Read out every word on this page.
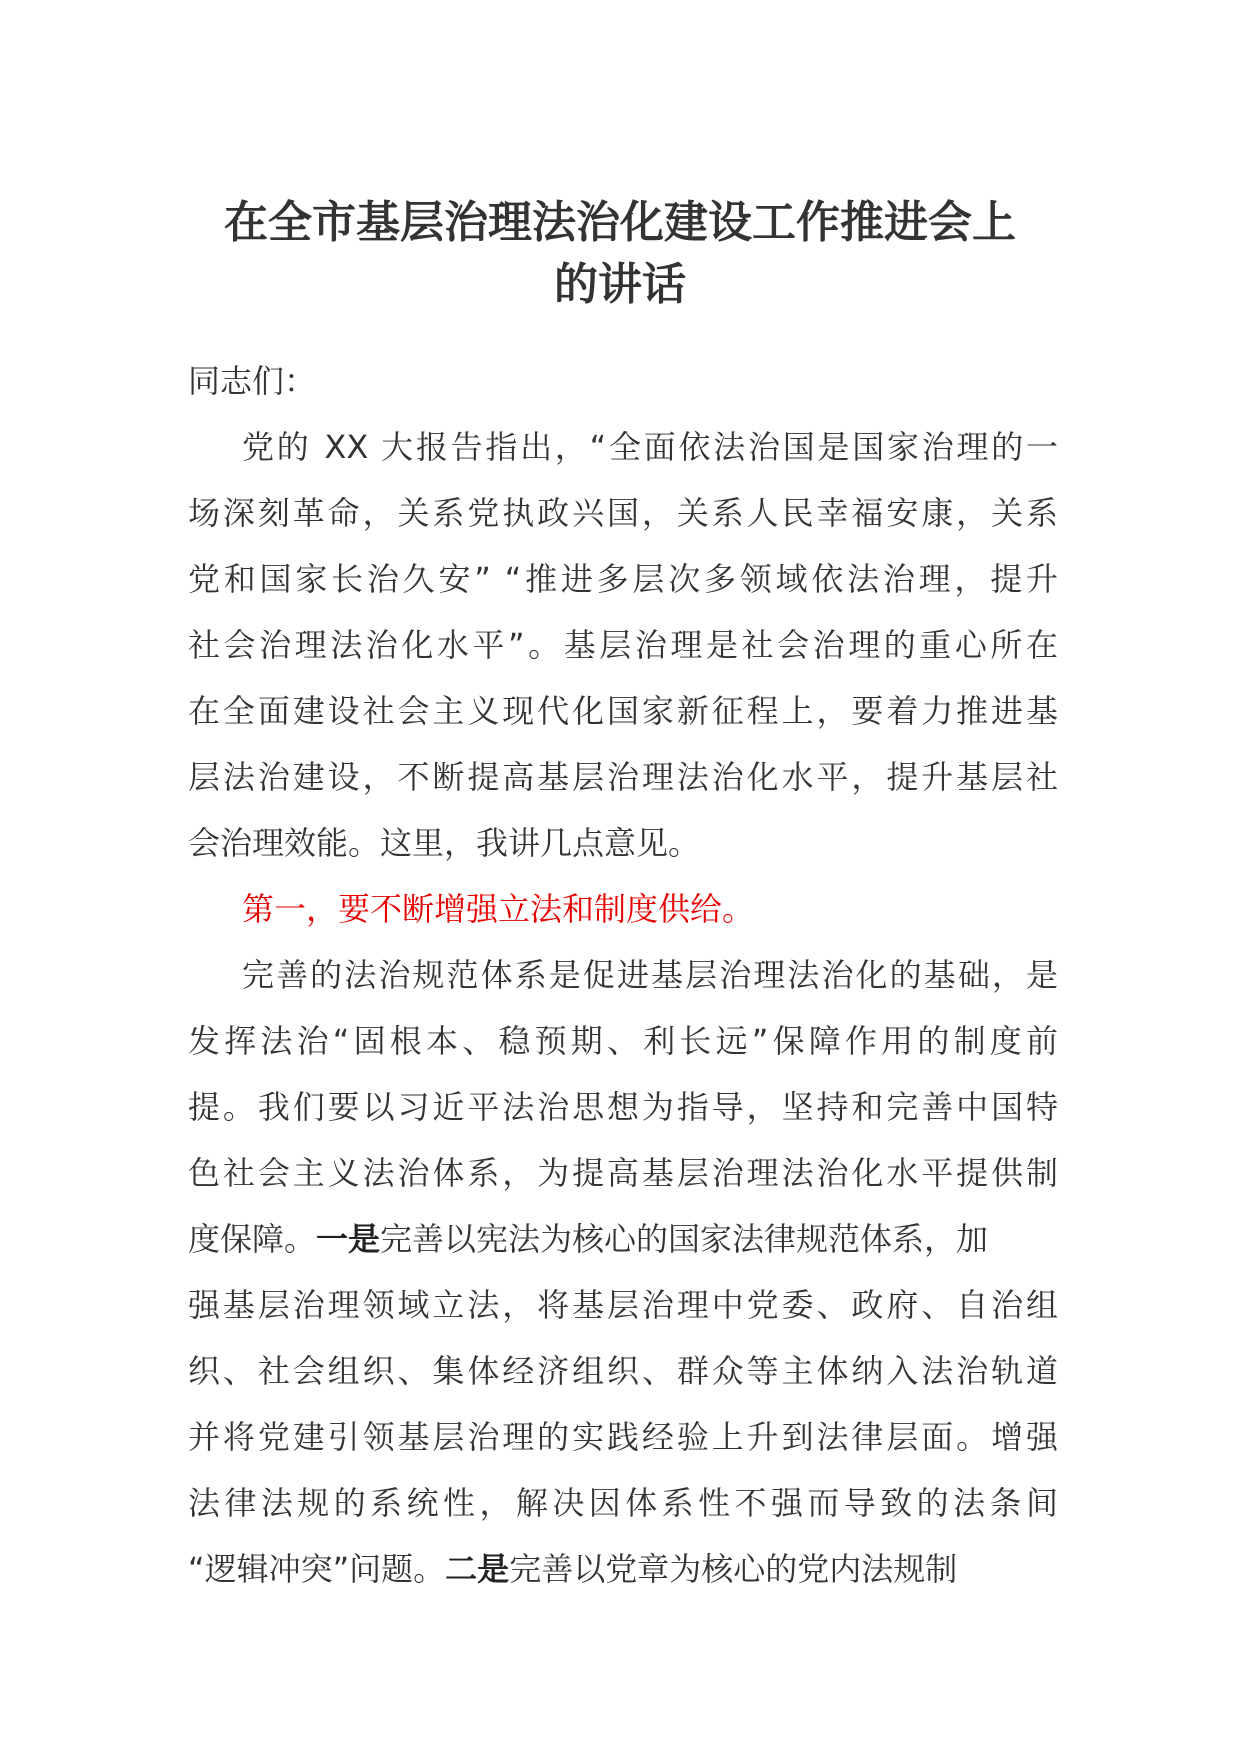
在全市基层治理法治化建设工作推进会上
的讲话
同志们：
党的 XX 大报告指出，“全面依法治国是国家治理的一
场深刻革命，关系党执政兴国，关系人民幸福安康，关系
党和国家长治久安” “推进多层次多领域依法治理，提升
社会治理法治化水平”。基层治理是社会治理的重心所在
在全面建设社会主义现代化国家新征程上，要着力推进基
层法治建设，不断提高基层治理法治化水平，提升基层社
会治理效能。这里，我讲几点意见。
第一，要不断增强立法和制度供给。
完善的法治规范体系是促进基层治理法治化的基础，是
发挥法治“固根本、稳预期、利长远”保障作用的制度前
提。我们要以习近平法治思想为指导，坚持和完善中国特
色社会主义法治体系，为提高基层治理法治化水平提供制
度保障。一是完善以宪法为核心的国家法律规范体系，加
强基层治理领域立法，将基层治理中党委、政府、自治组
织、社会组织、集体经济组织、群众等主体纳入法治轨道
并将党建引领基层治理的实践经验上升到法律层面。增强
法律法规的系统性，解决因体系性不强而导致的法条间
“逻辑冲突”问题。二是完善以党章为核心的党内法规制
